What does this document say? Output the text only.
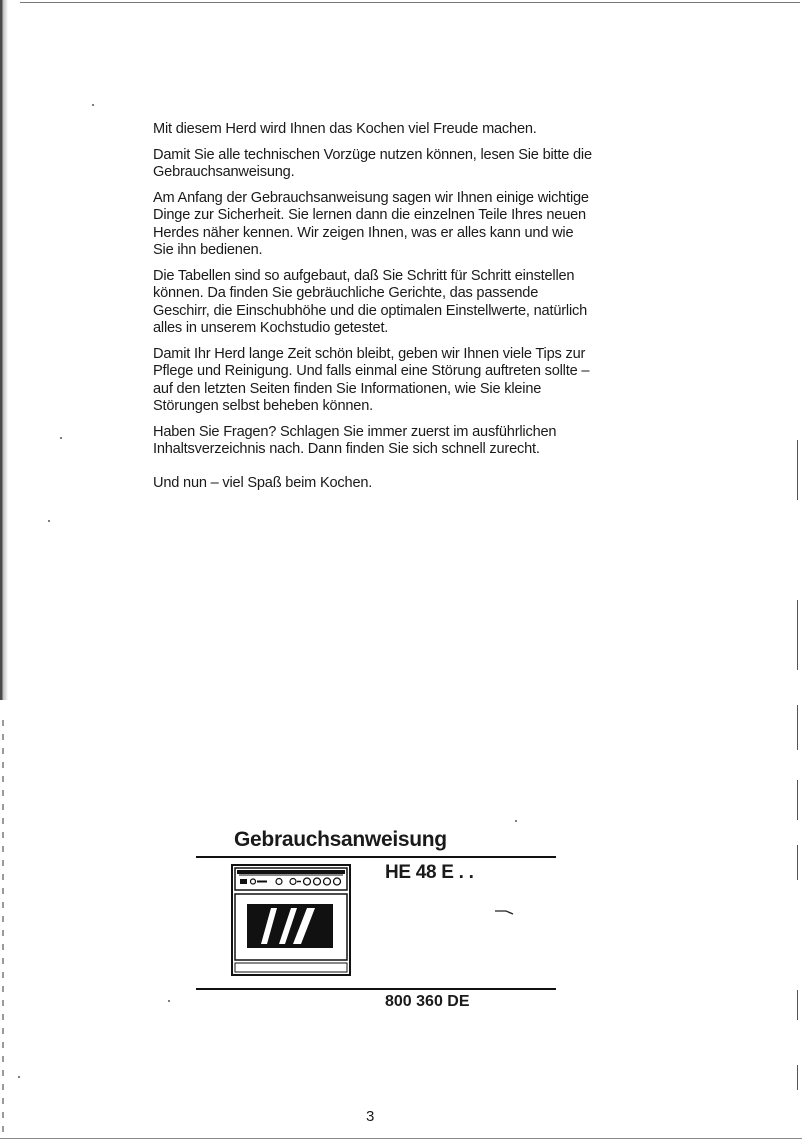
Mit diesem Herd wird Ihnen das Kochen viel Freude machen.

Damit Sie alle technischen Vorzüge nutzen können, lesen Sie bitte die Gebrauchsanweisung.

Am Anfang der Gebrauchsanweisung sagen wir Ihnen einige wichtige Dinge zur Sicherheit. Sie lernen dann die einzelnen Teile Ihres neuen Herdes näher kennen. Wir zeigen Ihnen, was er alles kann und wie Sie ihn bedienen.

Die Tabellen sind so aufgebaut, daß Sie Schritt für Schritt einstellen können. Da finden Sie gebräuchliche Gerichte, das passende Geschirr, die Einschubhöhe und die optimalen Einstellwerte, natürlich alles in unserem Kochstudio getestet.

Damit Ihr Herd lange Zeit schön bleibt, geben wir Ihnen viele Tips zur Pflege und Reinigung. Und falls einmal eine Störung auftreten sollte – auf den letzten Seiten finden Sie Informationen, wie Sie kleine Störungen selbst beheben können.

Haben Sie Fragen? Schlagen Sie immer zuerst im ausführlichen Inhaltsverzeichnis nach. Dann finden Sie sich schnell zurecht.

Und nun – viel Spaß beim Kochen.

Gebrauchsanweisung
HE 48 E . .
800 360 DE
3
